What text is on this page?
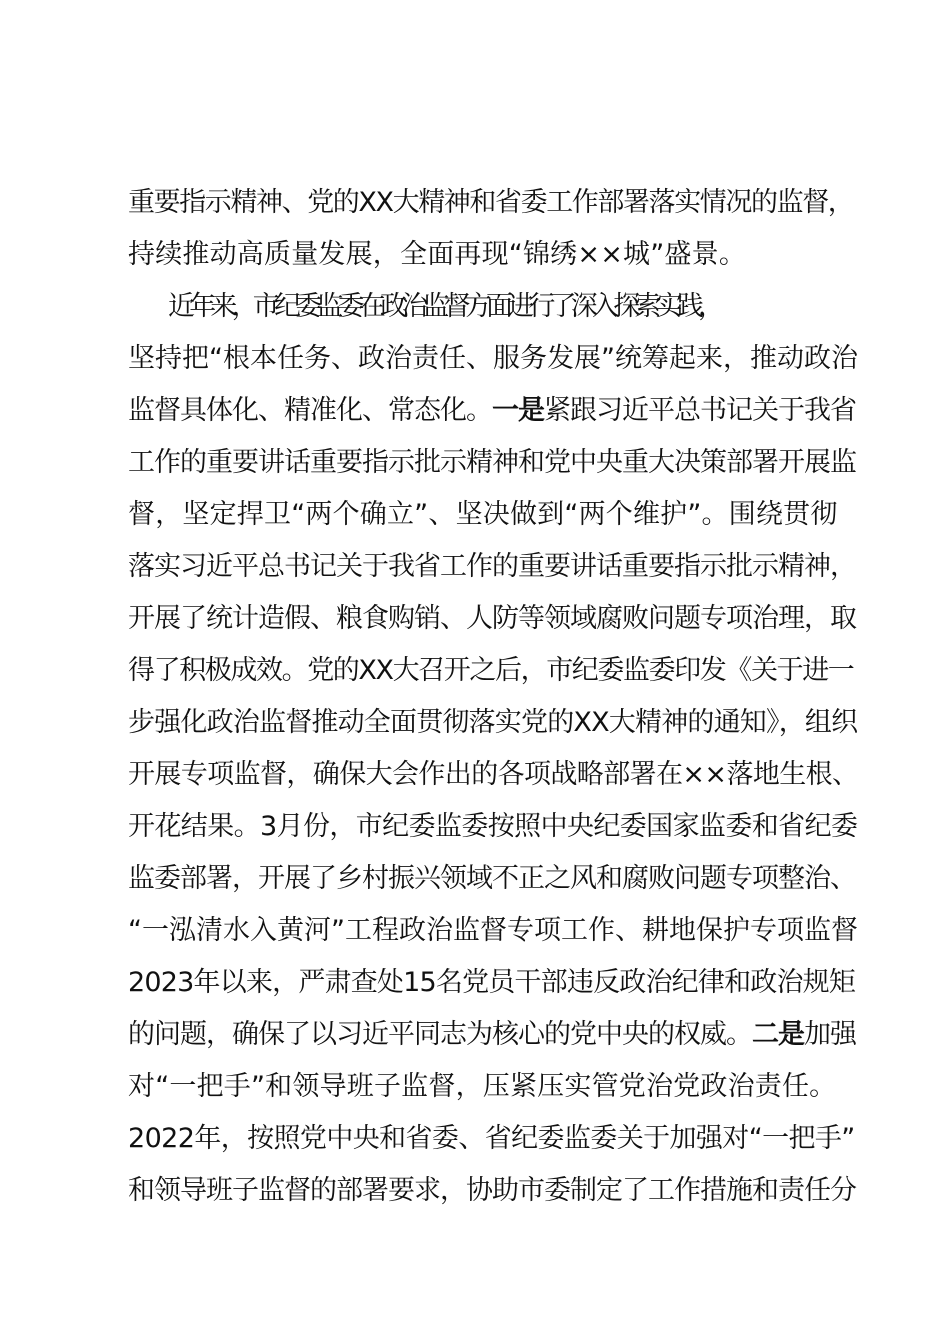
重要指示精神、党的XX大精神和省委工作部署落实情况的监督，
持续推动高质量发展，全面再现“锦绣××城”盛景。
近年来，市纪委监委在政治监督方面进行了深入探索实践，
坚持把“根本任务、政治责任、服务发展”统筹起来，推动政治
监督具体化、精准化、常态化。一是紧跟习近平总书记关于我省
工作的重要讲话重要指示批示精神和党中央重大决策部署开展监
督，坚定捍卫“两个确立”、坚决做到“两个维护”。围绕贯彻
落实习近平总书记关于我省工作的重要讲话重要指示批示精神，
开展了统计造假、粮食购销、人防等领域腐败问题专项治理，取
得了积极成效。党的XX大召开之后，市纪委监委印发《关于进一
步强化政治监督推动全面贯彻落实党的XX大精神的通知》，组织
开展专项监督，确保大会作出的各项战略部署在××落地生根、
开花结果。3月份，市纪委监委按照中央纪委国家监委和省纪委
监委部署，开展了乡村振兴领域不正之风和腐败问题专项整治、
“一泓清水入黄河”工程政治监督专项工作、耕地保护专项监督
2023年以来，严肃查处15名党员干部违反政治纪律和政治规矩
的问题，确保了以习近平同志为核心的党中央的权威。二是加强
对“一把手”和领导班子监督，压紧压实管党治党政治责任。
2022年，按照党中央和省委、省纪委监委关于加强对“一把手”
和领导班子监督的部署要求，协助市委制定了工作措施和责任分
